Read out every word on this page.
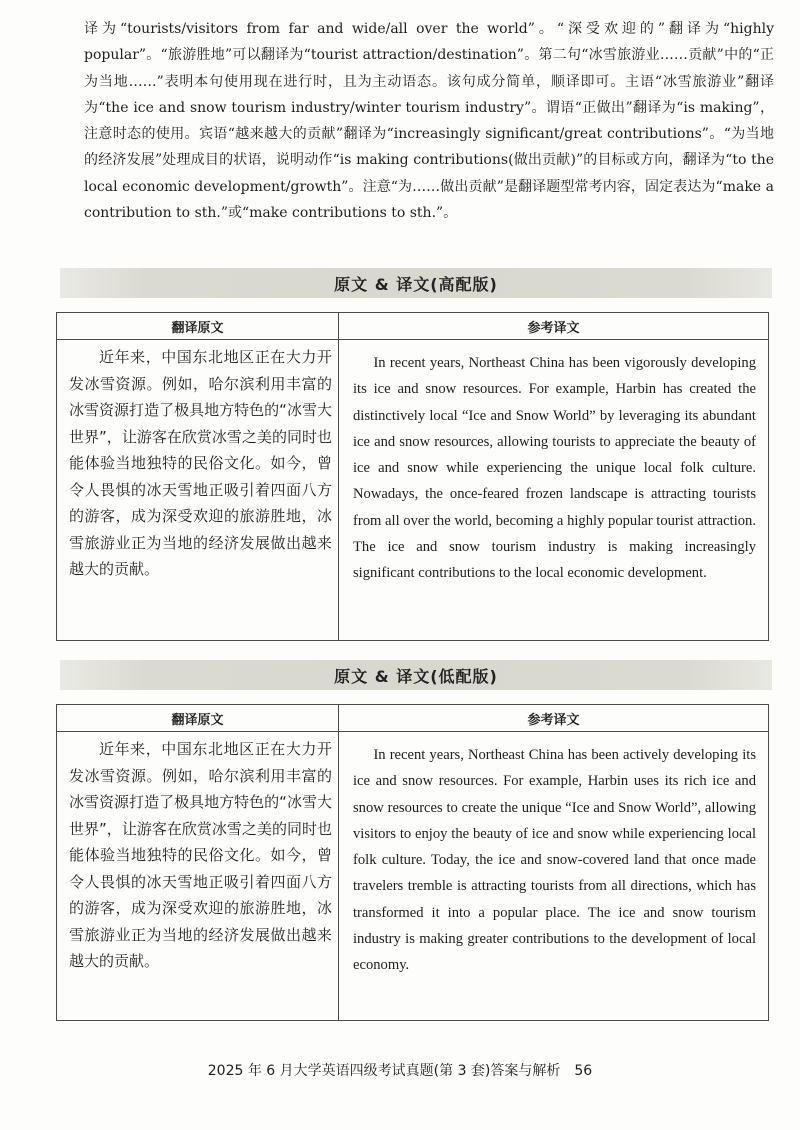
译为“tourists/visitors from far and wide/all over the world”。“深受欢迎的”翻译为“highly popular”。“旅游胜地”可以翻译为“tourist attraction/destination”。第二句“冰雪旅游业……贡献”中的“正为当地……”表明本句使用现在进行时，且为主动语态。该句成分简单，顺译即可。主语“冰雪旅游业”翻译为“the ice and snow tourism industry/winter tourism industry”。谓语“正做出”翻译为“is making”，注意时态的使用。宾语“越来越大的贡献”翻译为“increasingly significant/great contributions”。“为当地的经济发展”处理成目的状语，说明动作“is making contributions(做出贡献)”的目标或方向，翻译为“to the local economic development/growth”。注意“为……做出贡献”是翻译题型常考内容，固定表达为“make a contribution to sth.”或“make contributions to sth.”。

原文 & 译文(高配版)
翻译原文	参考译文
近年来，中国东北地区正在大力开发冰雪资源。例如，哈尔滨利用丰富的冰雪资源打造了极具地方特色的“冰雪大世界”，让游客在欣赏冰雪之美的同时也能体验当地独特的民俗文化。如今，曾令人畏惧的冰天雪地正吸引着四面八方的游客，成为深受欢迎的旅游胜地，冰雪旅游业正为当地的经济发展做出越来越大的贡献。	In recent years, Northeast China has been vigorously developing its ice and snow resources. For example, Harbin has created the distinctively local “Ice and Snow World” by leveraging its abundant ice and snow resources, allowing tourists to appreciate the beauty of ice and snow while experiencing the unique local folk culture. Nowadays, the once-feared frozen landscape is attracting tourists from all over the world, becoming a highly popular tourist attraction. The ice and snow tourism industry is making increasingly significant contributions to the local economic development.
原文 & 译文(低配版)
翻译原文	参考译文
近年来，中国东北地区正在大力开发冰雪资源。例如，哈尔滨利用丰富的冰雪资源打造了极具地方特色的“冰雪大世界”，让游客在欣赏冰雪之美的同时也能体验当地独特的民俗文化。如今，曾令人畏惧的冰天雪地正吸引着四面八方的游客，成为深受欢迎的旅游胜地，冰雪旅游业正为当地的经济发展做出越来越大的贡献。	In recent years, Northeast China has been actively developing its ice and snow resources. For example, Harbin uses its rich ice and snow resources to create the unique “Ice and Snow World”, allowing visitors to enjoy the beauty of ice and snow while experiencing local folk culture. Today, the ice and snow-covered land that once made travelers tremble is attracting tourists from all directions, which has transformed it into a popular place. The ice and snow tourism industry is making greater contributions to the development of local economy.
2025 年 6 月大学英语四级考试真题(第 3 套)答案与解析 56
